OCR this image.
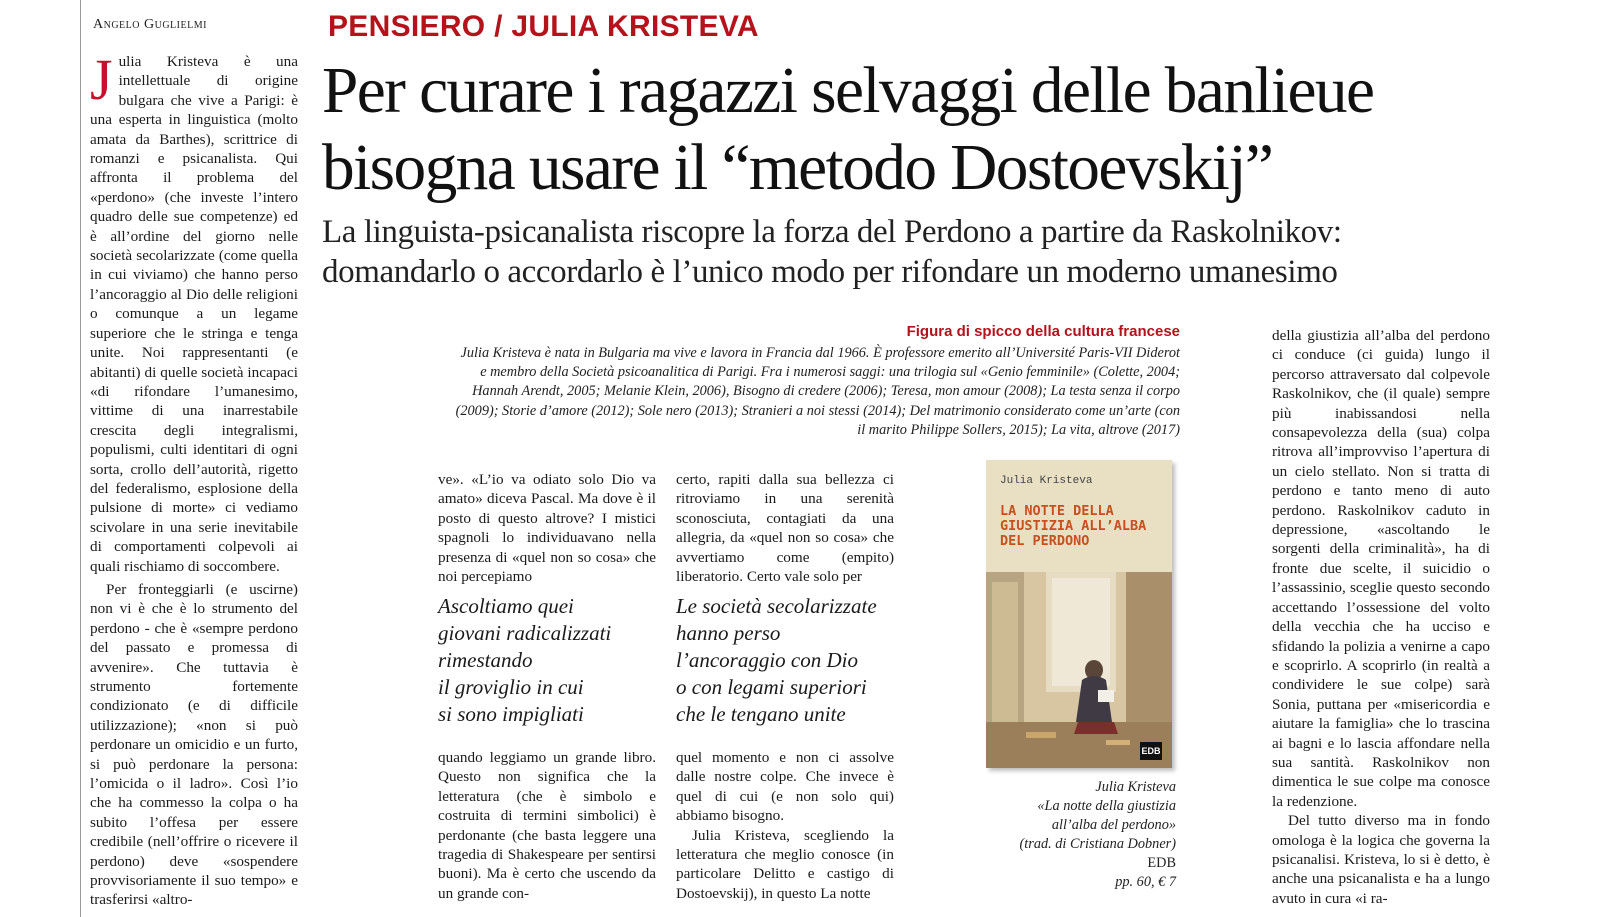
Angelo Guglielmi

Julia Kristeva è una intellettuale di origine bulgara che vive a Parigi: è una esperta in linguistica (molto amata da Barthes), scrittrice di romanzi e psicanalista. Qui affronta il problema del «perdono» (che investe l’intero quadro delle sue competenze) ed è all’ordine del giorno nelle società secolarizzate (come quella in cui viviamo) che hanno perso l’ancoraggio al Dio delle religioni o comunque a un legame superiore che le stringa e tenga unite. Noi rappresentanti (e abitanti) di quelle società incapaci «di rifondare l’umanesimo, vittime di una inarrestabile crescita degli integralismi, populismi, culti identitari di ogni sorta, crollo dell’autorità, rigetto del federalismo, esplosione della pulsione di morte» ci vediamo scivolare in una serie inevitabile di comportamenti colpevoli ai quali rischiamo di soccombere.

Per fronteggiarli (e uscirne) non vi è che è lo strumento del perdono - che è «sempre perdono del passato e promessa di avvenire». Che tuttavia è strumento fortemente condizionato (e di difficile utilizzazione); «non si può perdonare un omicidio e un furto, si può perdonare la persona: l’omicida o il ladro». Così l’io che ha commesso la colpa o ha subito l’offesa per essere credibile (nell’offrire o ricevere il perdono) deve «sospendere provvisoriamente il suo tempo» e trasferirsi «altro-

PENSIERO / JULIA KRISTEVA
Per curare i ragazzi selvaggi delle banlieue
bisogna usare il “metodo Dostoevskij”
La linguista-psicanalista riscopre la forza del Perdono a partire da Raskolnikov:
domandarlo o accordarlo è l’unico modo per rifondare un moderno umanesimo
Figura di spicco della cultura francese
Julia Kristeva è nata in Bulgaria ma vive e lavora in Francia dal 1966. È professore emerito all’Université Paris-VII Diderot e membro della Società psicoanalitica di Parigi. Fra i numerosi saggi: una trilogia sul «Genio femminile» (Colette, 2004; Hannah Arendt, 2005; Melanie Klein, 2006), Bisogno di credere (2006); Teresa, mon amour (2008); La testa senza il corpo (2009); Storie d’amore (2012); Sole nero (2013); Stranieri a noi stessi (2014); Del matrimonio considerato come un’arte (con il marito Philippe Sollers, 2015); La vita, altrove (2017)
ve». «L’io va odiato solo Dio va amato» diceva Pascal. Ma dove è il posto di questo altrove? I mistici spagnoli lo individuavano nella presenza di «quel non so cosa» che noi percepiamo
Ascoltiamo quei
giovani radicalizzati
rimestando
il groviglio in cui
si sono impigliati
quando leggiamo un grande libro. Questo non significa che la letteratura (che è simbolo e costruita di termini simbolici) è perdonante (che basta leggere una tragedia di Shakespeare per sentirsi buoni). Ma è certo che uscendo da un grande con-
certo, rapiti dalla sua bellezza ci ritroviamo in una serenità sconosciuta, contagiati da una allegria, da «quel non so cosa» che avvertiamo come (empito) liberatorio. Certo vale solo per
Le società secolarizzate
hanno perso
l’ancoraggio con Dio
o con legami superiori
che le tengano unite

quel momento e non ci assolve dalle nostre colpe. Che invece è quel di cui (e non solo qui) abbiamo bisogno.

Julia Kristeva, scegliendo la letteratura che meglio conosce (in particolare Delitto e castigo di Dostoevskij), in questo La notte

Julia Kristeva
LA NOTTE DELLA GIUSTIZIA ALL’ALBA DEL PERDONO
EDB
Julia Kristeva
«La notte della giustizia
all’alba del perdono»
(trad. di Cristiana Dobner)
EDB
pp. 60, € 7

della giustizia all’alba del perdono ci conduce (ci guida) lungo il percorso attraversato dal colpevole Raskolnikov, che (il quale) sempre più inabissandosi nella consapevolezza della (sua) colpa ritrova all’improvviso l’apertura di un cielo stellato. Non si tratta di perdono e tanto meno di auto perdono. Raskolnikov caduto in depressione, «ascoltando le sorgenti della criminalità», ha di fronte due scelte, il suicidio o l’assassinio, sceglie questo secondo accettando l’ossessione del volto della vecchia che ha ucciso e sfidando la polizia a venirne a capo e scoprirlo. A scoprirlo (in realtà a condividere le sue colpe) sarà Sonia, puttana per «misericordia e aiutare la famiglia» che lo trascina ai bagni e lo lascia affondare nella sua santità. Raskolnikov non dimentica le sue colpe ma conosce la redenzione.

Del tutto diverso ma in fondo omologa è la logica che governa la psicanalisi. Kristeva, lo si è detto, è anche una psicanalista e ha a lungo avuto in cura «i ra-
